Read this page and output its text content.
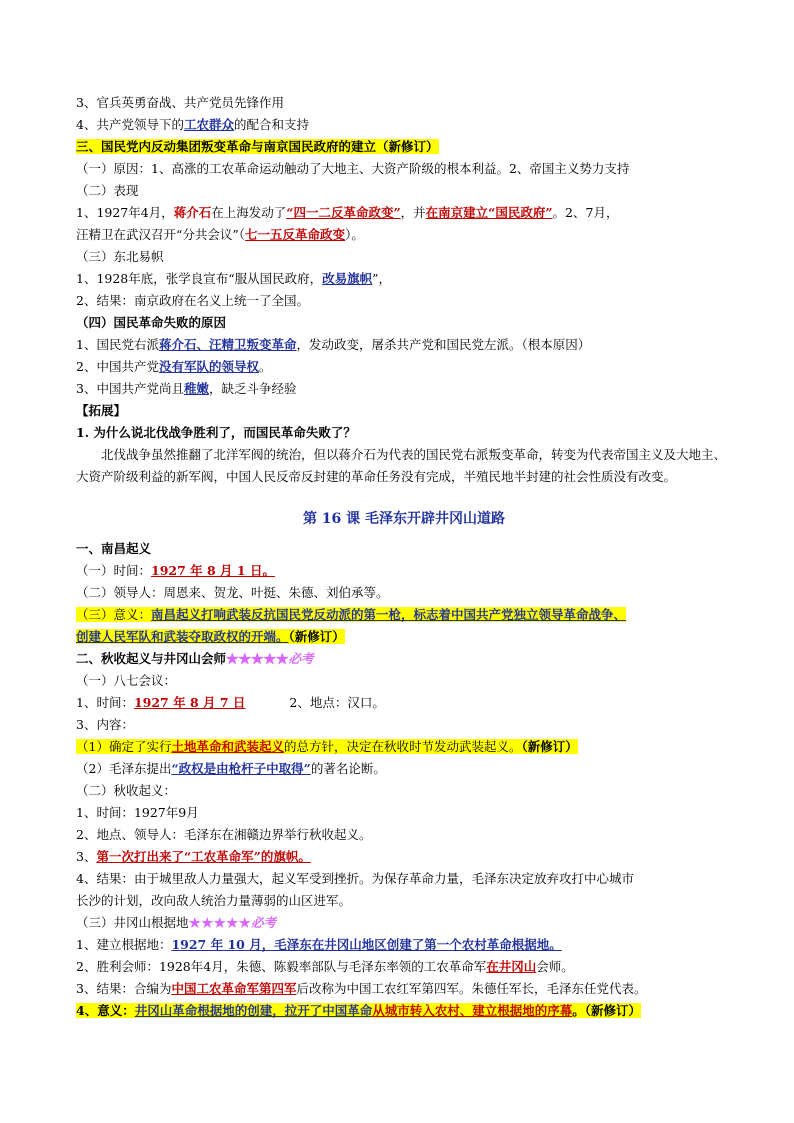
3、官兵英勇奋战、共产党员先锋作用
4、共产党领导下的工农群众的配合和支持
三、国民党内反动集团叛变革命与南京国民政府的建立（新修订）
（一）原因：1、高涨的工农革命运动触动了大地主、大资产阶级的根本利益。2、帝国主义势力支持
（二）表现
1、1927年4月，蒋介石在上海发动了“四一二反革命政变”，并在南京建立“国民政府”。2、7月，
汪精卫在武汉召开“分共会议”（七一五反革命政变）。
（三）东北易帜
1、1928年底，张学良宣布“服从国民政府，改易旗帜”，
2、结果：南京政府在名义上统一了全国。
（四）国民革命失败的原因
1、国民党右派蒋介石、汪精卫叛变革命，发动政变，屠杀共产党和国民党左派。（根本原因）
2、中国共产党没有军队的领导权。
3、中国共产党尚且稚嫩，缺乏斗争经验
【拓展】
1. 为什么说北伐战争胜利了，而国民革命失败了？
北伐战争虽然推翻了北洋军阀的统治，但以蒋介石为代表的国民党右派叛变革命，转变为代表帝国主义及大地主、大资产阶级利益的新军阀，中国人民反帝反封建的革命任务没有完成，半殖民地半封建的社会性质没有改变。
第 16 课 毛泽东开辟井冈山道路
一、南昌起义
（一）时间：1927 年 8 月 1 日。
（二）领导人：周恩来、贺龙、叶挺、朱德、刘伯承等。
（三）意义：南昌起义打响武装反抗国民党反动派的第一枪，标志着中国共产党独立领导革命战争、
创建人民军队和武装夺取政权的开端。（新修订）
二、秋收起义与井冈山会师★★★★★必考
（一）八七会议：
1、时间：1927 年 8 月 7 日	2、地点：汉口。
3、内容：
（1）确定了实行土地革命和武装起义的总方针，决定在秋收时节发动武装起义。（新修订）
（2）毛泽东提出“政权是由枪杆子中取得”的著名论断。
（二）秋收起义：
1、时间：1927年9月
2、地点、领导人：毛泽东在湘赣边界举行秋收起义。
3、第一次打出来了“工农革命军”的旗帜。
4、结果：由于城里敌人力量强大，起义军受到挫折。为保存革命力量，毛泽东决定放弃攻打中心城市
长沙的计划，改向敌人统治力量薄弱的山区进军。
（三）井冈山根据地★★★★★必考
1、建立根据地：1927 年 10 月，毛泽东在井冈山地区创建了第一个农村革命根据地。
2、胜利会师：1928年4月，朱德、陈毅率部队与毛泽东率领的工农革命军在井冈山会师。
3、结果：合编为中国工农革命军第四军后改称为中国工农红军第四军。朱德任军长，毛泽东任党代表。
4、意义：井冈山革命根据地的创建，拉开了中国革命从城市转入农村、建立根据地的序幕。（新修订）
